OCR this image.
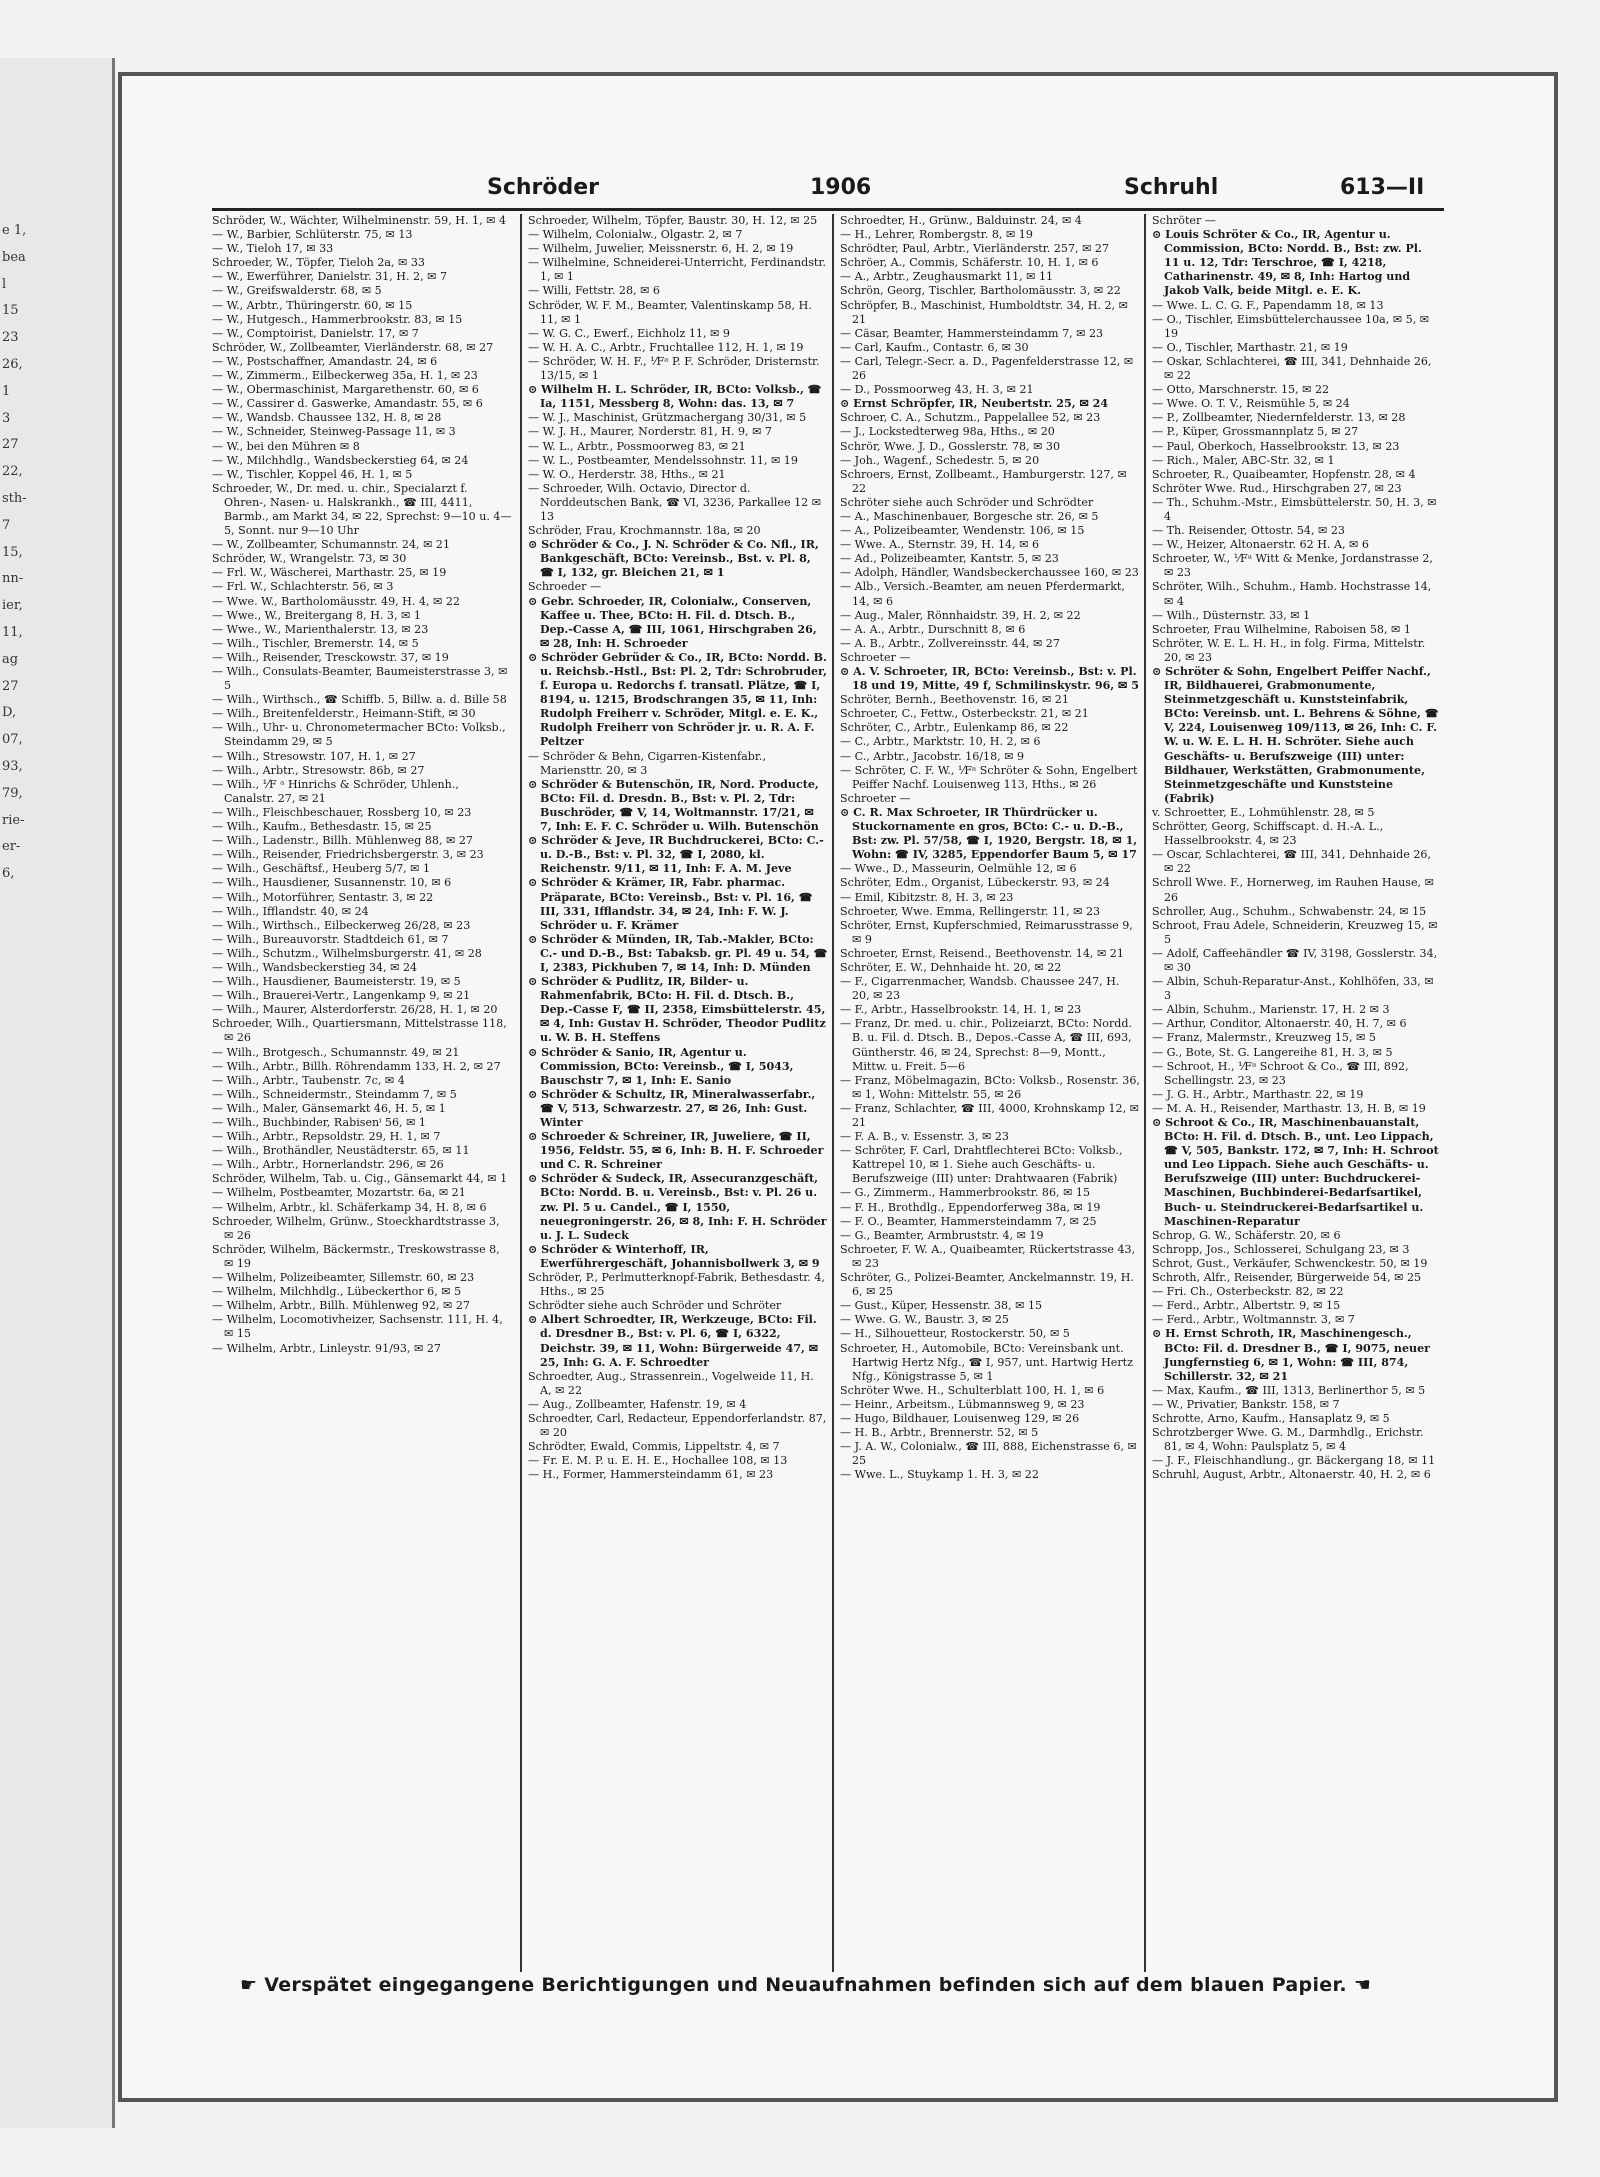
e 1,
bea
l
15
23
26,
1
3
27
22,
sth-
7
15,
nn-
ier,
11,
ag
27
D,
07,
93,
79,
rie-
er-
6,
Schröder	1906	Schruhl	613—II

Schröder, W., Wächter, Wilhelminenstr. 59, H. 1, ✉ 4

— W., Barbier, Schlüterstr. 75, ✉ 13

— W., Tieloh 17, ✉ 33

Schroeder, W., Töpfer, Tieloh 2a, ✉ 33

— W., Ewerführer, Danielstr. 31, H. 2, ✉ 7

— W., Greifswalderstr. 68, ✉ 5

— W., Arbtr., Thüringerstr. 60, ✉ 15

— W., Hutgesch., Hammerbrookstr. 83, ✉ 15

— W., Comptoirist, Danielstr. 17, ✉ 7

Schröder, W., Zollbeamter, Vierländerstr. 68, ✉ 27

— W., Postschaffner, Amandastr. 24, ✉ 6

— W., Zimmerm., Eilbeckerweg 35a, H. 1, ✉ 23

— W., Obermaschinist, Margarethenstr. 60, ✉ 6

— W., Cassirer d. Gaswerke, Amandastr. 55, ✉ 6

— W., Wandsb. Chaussee 132, H. 8, ✉ 28

— W., Schneider, Steinweg-Passage 11, ✉ 3

— W., bei den Mühren ✉ 8

— W., Milchhdlg., Wandsbeckerstieg 64, ✉ 24

— W., Tischler, Koppel 46, H. 1, ✉ 5

Schroeder, W., Dr. med. u. chir., Specialarzt f. Ohren-, Nasen- u. Halskrankh., ☎ III, 4411, Barmb., am Markt 34, ✉ 22, Sprechst: 9—10 u. 4—5, Sonnt. nur 9—10 Uhr

— W., Zollbeamter, Schumannstr. 24, ✉ 21

Schröder, W., Wrangelstr. 73, ✉ 30

— Frl. W., Wäscherei, Marthastr. 25, ✉ 19

— Frl. W., Schlachterstr. 56, ✉ 3

— Wwe. W., Bartholomäusstr. 49, H. 4, ✉ 22

— Wwe., W., Breitergang 8, H. 3, ✉ 1

— Wwe., W., Marienthalerstr. 13, ✉ 23

— Wilh., Tischler, Bremerstr. 14, ✉ 5

— Wilh., Reisender, Tresckowstr. 37, ✉ 19

— Wilh., Consulats-Beamter, Baumeisterstrasse 3, ✉ 5

— Wilh., Wirthsch., ☎ Schiffb. 5, Billw. a. d. Bille 58

— Wilh., Breitenfelderstr., Heimann-Stift, ✉ 30

— Wilh., Uhr- u. Chronometermacher BCto: Volksb., Steindamm 29, ✉ 5

— Wilh., Stresowstr. 107, H. 1, ✉ 27

— Wilh., Arbtr., Stresowstr. 86b, ✉ 27

— Wilh., ⅟F ᵃ Hinrichs & Schröder, Uhlenh., Canalstr. 27, ✉ 21

— Wilh., Fleischbeschauer, Rossberg 10, ✉ 23

— Wilh., Kaufm., Bethesdastr. 15, ✉ 25

— Wilh., Ladenstr., Billh. Mühlenweg 88, ✉ 27

— Wilh., Reisender, Friedrichsbergerstr. 3, ✉ 23

— Wilh., Geschäftsf., Heuberg 5/7, ✉ 1

— Wilh., Hausdiener, Susannenstr. 10, ✉ 6

— Wilh., Motorführer, Sentastr. 3, ✉ 22

— Wilh., Ifflandstr. 40, ✉ 24

— Wilh., Wirthsch., Eilbeckerweg 26/28, ✉ 23

— Wilh., Bureauvorstr. Stadtdeich 61, ✉ 7

— Wilh., Schutzm., Wilhelmsburgerstr. 41, ✉ 28

— Wilh., Wandsbeckerstieg 34, ✉ 24

— Wilh., Hausdiener, Baumeisterstr. 19, ✉ 5

— Wilh., Brauerei-Vertr., Langenkamp 9, ✉ 21

— Wilh., Maurer, Alsterdorferstr. 26/28, H. 1, ✉ 20

Schroeder, Wilh., Quartiersmann, Mittelstrasse 118, ✉ 26

— Wilh., Brotgesch., Schumannstr. 49, ✉ 21

— Wilh., Arbtr., Billh. Röhrendamm 133, H. 2, ✉ 27

— Wilh., Arbtr., Taubenstr. 7c, ✉ 4

— Wilh., Schneidermstr., Steindamm 7, ✉ 5

— Wilh., Maler, Gänsemarkt 46, H. 5, ✉ 1

— Wilh., Buchbinder, Rabisenⁱ 56, ✉ 1

— Wilh., Arbtr., Repsoldstr. 29, H. 1, ✉ 7

— Wilh., Brothändler, Neustädterstr. 65, ✉ 11

— Wilh., Arbtr., Hornerlandstr. 296, ✉ 26

Schröder, Wilhelm, Tab. u. Cig., Gänsemarkt 44, ✉ 1

— Wilhelm, Postbeamter, Mozartstr. 6a, ✉ 21

— Wilhelm, Arbtr., kl. Schäferkamp 34, H. 8, ✉ 6

Schroeder, Wilhelm, Grünw., Stoeckhardtstrasse 3, ✉ 26

Schröder, Wilhelm, Bäckermstr., Treskowstrasse 8, ✉ 19

— Wilhelm, Polizeibeamter, Sillemstr. 60, ✉ 23

— Wilhelm, Milchhdlg., Lübeckerthor 6, ✉ 5

— Wilhelm, Arbtr., Billh. Mühlenweg 92, ✉ 27

— Wilhelm, Locomotivheizer, Sachsenstr. 111, H. 4, ✉ 15

— Wilhelm, Arbtr., Linleystr. 91/93, ✉ 27

Schroeder, Wilhelm, Töpfer, Baustr. 30, H. 12, ✉ 25

— Wilhelm, Colonialw., Olgastr. 2, ✉ 7

— Wilhelm, Juwelier, Meissnerstr. 6, H. 2, ✉ 19

— Wilhelmine, Schneiderei-Unterricht, Ferdinandstr. 1, ✉ 1

— Willi, Fettstr. 28, ✉ 6

Schröder, W. F. M., Beamter, Valentinskamp 58, H. 11, ✉ 1

— W. G. C., Ewerf., Eichholz 11, ✉ 9

— W. H. A. C., Arbtr., Fruchtallee 112, H. 1, ✉ 19

— Schröder, W. H. F., ⅟Fᵃ P. F. Schröder, Dristernstr. 13/15, ✉ 1

⊙ Wilhelm H. L. Schröder, IR, BCto: Volksb., ☎ Ia, 1151, Messberg 8, Wohn: das. 13, ✉ 7

— W. J., Maschinist, Grützmachergang 30/31, ✉ 5

— W. J. H., Maurer, Norderstr. 81, H. 9, ✉ 7

— W. L., Arbtr., Possmoorweg 83, ✉ 21

— W. L., Postbeamter, Mendelssohnstr. 11, ✉ 19

— W. O., Herderstr. 38, Hths., ✉ 21

— Schroeder, Wilh. Octavio, Director d. Norddeutschen Bank, ☎ VI, 3236, Parkallee 12 ✉ 13

Schröder, Frau, Krochmannstr. 18a, ✉ 20

⊙ Schröder & Co., J. N. Schröder & Co. Nfl., IR, Bankgeschäft, BCto: Vereinsb., Bst. v. Pl. 8, ☎ I, 132, gr. Bleichen 21, ✉ 1

Schroeder —

⊙ Gebr. Schroeder, IR, Colonialw., Conserven, Kaffee u. Thee, BCto: H. Fil. d. Dtsch. B., Dep.-Casse A, ☎ III, 1061, Hirschgraben 26, ✉ 28, Inh: H. Schroeder

⊙ Schröder Gebrüder & Co., IR, BCto: Nordd. B. u. Reichsb.-Hstl., Bst: Pl. 2, Tdr: Schrobruder, f. Europa u. Redorchs f. transatl. Plätze, ☎ I, 8194, u. 1215, Brodschrangen 35, ✉ 11, Inh: Rudolph Freiherr v. Schröder, Mitgl. e. E. K., Rudolph Freiherr von Schröder jr. u. R. A. F. Peltzer

— Schröder & Behn, Cigarren-Kistenfabr., Mariensttr. 20, ✉ 3

⊙ Schröder & Butenschön, IR, Nord. Producte, BCto: Fil. d. Dresdn. B., Bst: v. Pl. 2, Tdr: Buschröder, ☎ V, 14, Woltmannstr. 17/21, ✉ 7, Inh: E. F. C. Schröder u. Wilh. Butenschön

⊙ Schröder & Jeve, IR Buchdruckerei, BCto: C.- u. D.-B., Bst: v. Pl. 32, ☎ I, 2080, kl. Reichenstr. 9/11, ✉ 11, Inh: F. A. M. Jeve

⊙ Schröder & Krämer, IR, Fabr. pharmac. Präparate, BCto: Vereinsb., Bst: v. Pl. 16, ☎ III, 331, Ifflandstr. 34, ✉ 24, Inh: F. W. J. Schröder u. F. Krämer

⊙ Schröder & Münden, IR, Tab.-Makler, BCto: C.- und D.-B., Bst: Tabaksb. gr. Pl. 49 u. 54, ☎ I, 2383, Pickhuben 7, ✉ 14, Inh: D. Münden

⊙ Schröder & Pudlitz, IR, Bilder- u. Rahmenfabrik, BCto: H. Fil. d. Dtsch. B., Dep.-Casse F, ☎ II, 2358, Eimsbüttelerstr. 45, ✉ 4, Inh: Gustav H. Schröder, Theodor Pudlitz u. W. B. H. Steffens

⊙ Schröder & Sanio, IR, Agentur u. Commission, BCto: Vereinsb., ☎ I, 5043, Bauschstr 7, ✉ 1, Inh: E. Sanio

⊙ Schröder & Schultz, IR, Mineralwasserfabr., ☎ V, 513, Schwarzestr. 27, ✉ 26, Inh: Gust. Winter

⊙ Schroeder & Schreiner, IR, Juweliere, ☎ II, 1956, Feldstr. 55, ✉ 6, Inh: B. H. F. Schroeder und C. R. Schreiner

⊙ Schröder & Sudeck, IR, Assecuranzgeschäft, BCto: Nordd. B. u. Vereinsb., Bst: v. Pl. 26 u. zw. Pl. 5 u. Candel., ☎ I, 1550, neuegroningerstr. 26, ✉ 8, Inh: F. H. Schröder u. J. L. Sudeck

⊙ Schröder & Winterhoff, IR, Ewerführergeschäft, Johannisbollwerk 3, ✉ 9

Schröder, P., Perlmutterknopf-Fabrik, Bethesdastr. 4, Hths., ✉ 25

Schrödter siehe auch Schröder und Schröter

⊙ Albert Schroedter, IR, Werkzeuge, BCto: Fil. d. Dresdner B., Bst: v. Pl. 6, ☎ I, 6322, Deichstr. 39, ✉ 11, Wohn: Bürgerweide 47, ✉ 25, Inh: G. A. F. Schroedter

Schroedter, Aug., Strassenrein., Vogelweide 11, H. A, ✉ 22

— Aug., Zollbeamter, Hafenstr. 19, ✉ 4

Schroedter, Carl, Redacteur, Eppendorferlandstr. 87, ✉ 20

Schrödter, Ewald, Commis, Lippeltstr. 4, ✉ 7

— Fr. E. M. P. u. E. H. E., Hochallee 108, ✉ 13

— H., Former, Hammersteindamm 61, ✉ 23

Schroedter, H., Grünw., Balduinstr. 24, ✉ 4

— H., Lehrer, Rombergstr. 8, ✉ 19

Schrödter, Paul, Arbtr., Vierländerstr. 257, ✉ 27

Schröer, A., Commis, Schäferstr. 10, H. 1, ✉ 6

— A., Arbtr., Zeughausmarkt 11, ✉ 11

Schrön, Georg, Tischler, Bartholomäusstr. 3, ✉ 22

Schröpfer, B., Maschinist, Humboldtstr. 34, H. 2, ✉ 21

— Cäsar, Beamter, Hammersteindamm 7, ✉ 23

— Carl, Kaufm., Contastr. 6, ✉ 30

— Carl, Telegr.-Secr. a. D., Pagenfelderstrasse 12, ✉ 26

— D., Possmoorweg 43, H. 3, ✉ 21

⊙ Ernst Schröpfer, IR, Neubertstr. 25, ✉ 24

Schroer, C. A., Schutzm., Pappelallee 52, ✉ 23

— J., Lockstedterweg 98a, Hths., ✉ 20

Schrör, Wwe. J. D., Gosslerstr. 78, ✉ 30

— Joh., Wagenf., Schedestr. 5, ✉ 20

Schroers, Ernst, Zollbeamt., Hamburgerstr. 127, ✉ 22

Schröter siehe auch Schröder und Schrödter

— A., Maschinenbauer, Borgesche str. 26, ✉ 5

— A., Polizeibeamter, Wendenstr. 106, ✉ 15

— Wwe. A., Sternstr. 39, H. 14, ✉ 6

— Ad., Polizeibeamter, Kantstr. 5, ✉ 23

— Adolph, Händler, Wandsbeckerchaussee 160, ✉ 23

— Alb., Versich.-Beamter, am neuen Pferdermarkt, 14, ✉ 6

— Aug., Maler, Rönnhaidstr. 39, H. 2, ✉ 22

— A. A., Arbtr., Durschnitt 8, ✉ 6

— A. B., Arbtr., Zollvereinsstr. 44, ✉ 27

Schroeter —

⊙ A. V. Schroeter, IR, BCto: Vereinsb., Bst: v. Pl. 18 und 19, Mitte, 49 f, Schmilinskystr. 96, ✉ 5

Schröter, Bernh., Beethovenstr. 16, ✉ 21

Schroeter, C., Fettw., Osterbeckstr. 21, ✉ 21

Schröter, C., Arbtr., Eulenkamp 86, ✉ 22

— C., Arbtr., Marktstr. 10, H. 2, ✉ 6

— C., Arbtr., Jacobstr. 16/18, ✉ 9

— Schröter, C. F. W., ⅟Fᵃ Schröter & Sohn, Engelbert Peiffer Nachf. Louisenweg 113, Hths., ✉ 26

Schroeter —

⊙ C. R. Max Schroeter, IR Thürdrücker u. Stuckornamente en gros, BCto: C.- u. D.-B., Bst: zw. Pl. 57/58, ☎ I, 1920, Bergstr. 18, ✉ 1, Wohn: ☎ IV, 3285, Eppendorfer Baum 5, ✉ 17

— Wwe., D., Masseurin, Oelmühle 12, ✉ 6

Schröter, Edm., Organist, Lübeckerstr. 93, ✉ 24

— Emil, Kibitzstr. 8, H. 3, ✉ 23

Schroeter, Wwe. Emma, Rellingerstr. 11, ✉ 23

Schröter, Ernst, Kupferschmied, Reimarusstrasse 9, ✉ 9

Schroeter, Ernst, Reisend., Beethovenstr. 14, ✉ 21

Schröter, E. W., Dehnhaide ht. 20, ✉ 22

— F., Cigarrenmacher, Wandsb. Chaussee 247, H. 20, ✉ 23

— F., Arbtr., Hasselbrookstr. 14, H. 1, ✉ 23

— Franz, Dr. med. u. chir., Polizeiarzt, BCto: Nordd. B. u. Fil. d. Dtsch. B., Depos.-Casse A, ☎ III, 693, Güntherstr. 46, ✉ 24, Sprechst: 8—9, Montt., Mittw. u. Freit. 5—6

— Franz, Möbelmagazin, BCto: Volksb., Rosenstr. 36, ✉ 1, Wohn: Mittelstr. 55, ✉ 26

— Franz, Schlachter, ☎ III, 4000, Krohnskamp 12, ✉ 21

— F. A. B., v. Essenstr. 3, ✉ 23

— Schröter, F. Carl, Drahtflechterei BCto: Volksb., Kattrepel 10, ✉ 1. Siehe auch Geschäfts- u. Berufszweige (III) unter: Drahtwaaren (Fabrik)

— G., Zimmerm., Hammerbrookstr. 86, ✉ 15

— F. H., Brothdlg., Eppendorferweg 38a, ✉ 19

— F. O., Beamter, Hammersteindamm 7, ✉ 25

— G., Beamter, Armbruststr. 4, ✉ 19

Schroeter, F. W. A., Quaibeamter, Rückertstrasse 43, ✉ 23

Schröter, G., Polizei-Beamter, Anckelmannstr. 19, H. 6, ✉ 25

— Gust., Küper, Hessenstr. 38, ✉ 15

— Wwe. G. W., Baustr. 3, ✉ 25

— H., Silhouetteur, Rostockerstr. 50, ✉ 5

Schroeter, H., Automobile, BCto: Vereinsbank unt. Hartwig Hertz Nfg., ☎ I, 957, unt. Hartwig Hertz Nfg., Königstrasse 5, ✉ 1

Schröter Wwe. H., Schulterblatt 100, H. 1, ✉ 6

— Heinr., Arbeitsm., Lübmannsweg 9, ✉ 23

— Hugo, Bildhauer, Louisenweg 129, ✉ 26

— H. B., Arbtr., Brennerstr. 52, ✉ 5

— J. A. W., Colonialw., ☎ III, 888, Eichenstrasse 6, ✉ 25

— Wwe. L., Stuykamp 1. H. 3, ✉ 22

Schröter —

⊙ Louis Schröter & Co., IR, Agentur u. Commission, BCto: Nordd. B., Bst: zw. Pl. 11 u. 12, Tdr: Terschroe, ☎ I, 4218, Catharinenstr. 49, ✉ 8, Inh: Hartog und Jakob Valk, beide Mitgl. e. E. K.

— Wwe. L. C. G. F., Papendamm 18, ✉ 13

— O., Tischler, Eimsbüttelerchaussee 10a, ✉ 5, ✉ 19

— O., Tischler, Marthastr. 21, ✉ 19

— Oskar, Schlachterei, ☎ III, 341, Dehnhaide 26, ✉ 22

— Otto, Marschnerstr. 15, ✉ 22

— Wwe. O. T. V., Reismühle 5, ✉ 24

— P., Zollbeamter, Niedernfelderstr. 13, ✉ 28

— P., Küper, Grossmannplatz 5, ✉ 27

— Paul, Oberkoch, Hasselbrookstr. 13, ✉ 23

— Rich., Maler, ABC-Str. 32, ✉ 1

Schroeter, R., Quaibeamter, Hopfenstr. 28, ✉ 4

Schröter Wwe. Rud., Hirschgraben 27, ✉ 23

— Th., Schuhm.-Mstr., Eimsbüttelerstr. 50, H. 3, ✉ 4

— Th. Reisender, Ottostr. 54, ✉ 23

— W., Heizer, Altonaerstr. 62 H. A, ✉ 6

Schroeter, W., ⅟Fᵃ Witt & Menke, Jordanstrasse 2, ✉ 23

Schröter, Wilh., Schuhm., Hamb. Hochstrasse 14, ✉ 4

— Wilh., Düsternstr. 33, ✉ 1

Schroeter, Frau Wilhelmine, Raboisen 58, ✉ 1

Schröter, W. E. L. H. H., in folg. Firma, Mittelstr. 20, ✉ 23

⊙ Schröter & Sohn, Engelbert Peiffer Nachf., IR, Bildhauerei, Grabmonumente, Steinmetzgeschäft u. Kunststeinfabrik, BCto: Vereinsb. unt. L. Behrens & Söhne, ☎ V, 224, Louisenweg 109/113, ✉ 26, Inh: C. F. W. u. W. E. L. H. H. Schröter. Siehe auch Geschäfts- u. Berufszweige (III) unter: Bildhauer, Werkstätten, Grabmonumente, Steinmetzgeschäfte und Kunststeine (Fabrik)

v. Schroetter, E., Lohmühlenstr. 28, ✉ 5

Schrötter, Georg, Schiffscapt. d. H.-A. L., Hasselbrookstr. 4, ✉ 23

— Oscar, Schlachterei, ☎ III, 341, Dehnhaide 26, ✉ 22

Schroll Wwe. F., Hornerweg, im Rauhen Hause, ✉ 26

Schroller, Aug., Schuhm., Schwabenstr. 24, ✉ 15

Schroot, Frau Adele, Schneiderin, Kreuzweg 15, ✉ 5

— Adolf, Caffeehändler ☎ IV, 3198, Gosslerstr. 34, ✉ 30

— Albin, Schuh-Reparatur-Anst., Kohlhöfen, 33, ✉ 3

— Albin, Schuhm., Marienstr. 17, H. 2 ✉ 3

— Arthur, Conditor, Altonaerstr. 40, H. 7, ✉ 6

— Franz, Malermstr., Kreuzweg 15, ✉ 5

— G., Bote, St. G. Langereihe 81, H. 3, ✉ 5

— Schroot, H., ⅟Fᵃ Schroot & Co., ☎ III, 892, Schellingstr. 23, ✉ 23

— J. G. H., Arbtr., Marthastr. 22, ✉ 19

— M. A. H., Reisender, Marthastr. 13, H. B, ✉ 19

⊙ Schroot & Co., IR, Maschinenbauanstalt, BCto: H. Fil. d. Dtsch. B., unt. Leo Lippach, ☎ V, 505, Bankstr. 172, ✉ 7, Inh: H. Schroot und Leo Lippach. Siehe auch Geschäfts- u. Berufszweige (III) unter: Buchdruckerei-Maschinen, Buchbinderei-Bedarfsartikel, Buch- u. Steindruckerei-Bedarfsartikel u. Maschinen-Reparatur

Schrop, G. W., Schäferstr. 20, ✉ 6

Schropp, Jos., Schlosserei, Schulgang 23, ✉ 3

Schrot, Gust., Verkäufer, Schwenckestr. 50, ✉ 19

Schroth, Alfr., Reisender, Bürgerweide 54, ✉ 25

— Fri. Ch., Osterbeckstr. 82, ✉ 22

— Ferd., Arbtr., Albertstr. 9, ✉ 15

— Ferd., Arbtr., Woltmannstr. 3, ✉ 7

⊙ H. Ernst Schroth, IR, Maschinengesch., BCto: Fil. d. Dresdner B., ☎ I, 9075, neuer Jungfernstieg 6, ✉ 1, Wohn: ☎ III, 874, Schillerstr. 32, ✉ 21

— Max, Kaufm., ☎ III, 1313, Berlinerthor 5, ✉ 5

— W., Privatier, Bankstr. 158, ✉ 7

Schrotte, Arno, Kaufm., Hansaplatz 9, ✉ 5

Schrotzberger Wwe. G. M., Darmhdlg., Erichstr. 81, ✉ 4, Wohn: Paulsplatz 5, ✉ 4

— J. F., Fleischhandlung., gr. Bäckergang 18, ✉ 11

Schruhl, August, Arbtr., Altonaerstr. 40, H. 2, ✉ 6

☛ Verspätet eingegangene Berichtigungen und Neuaufnahmen befinden sich auf dem blauen Papier. ☚
